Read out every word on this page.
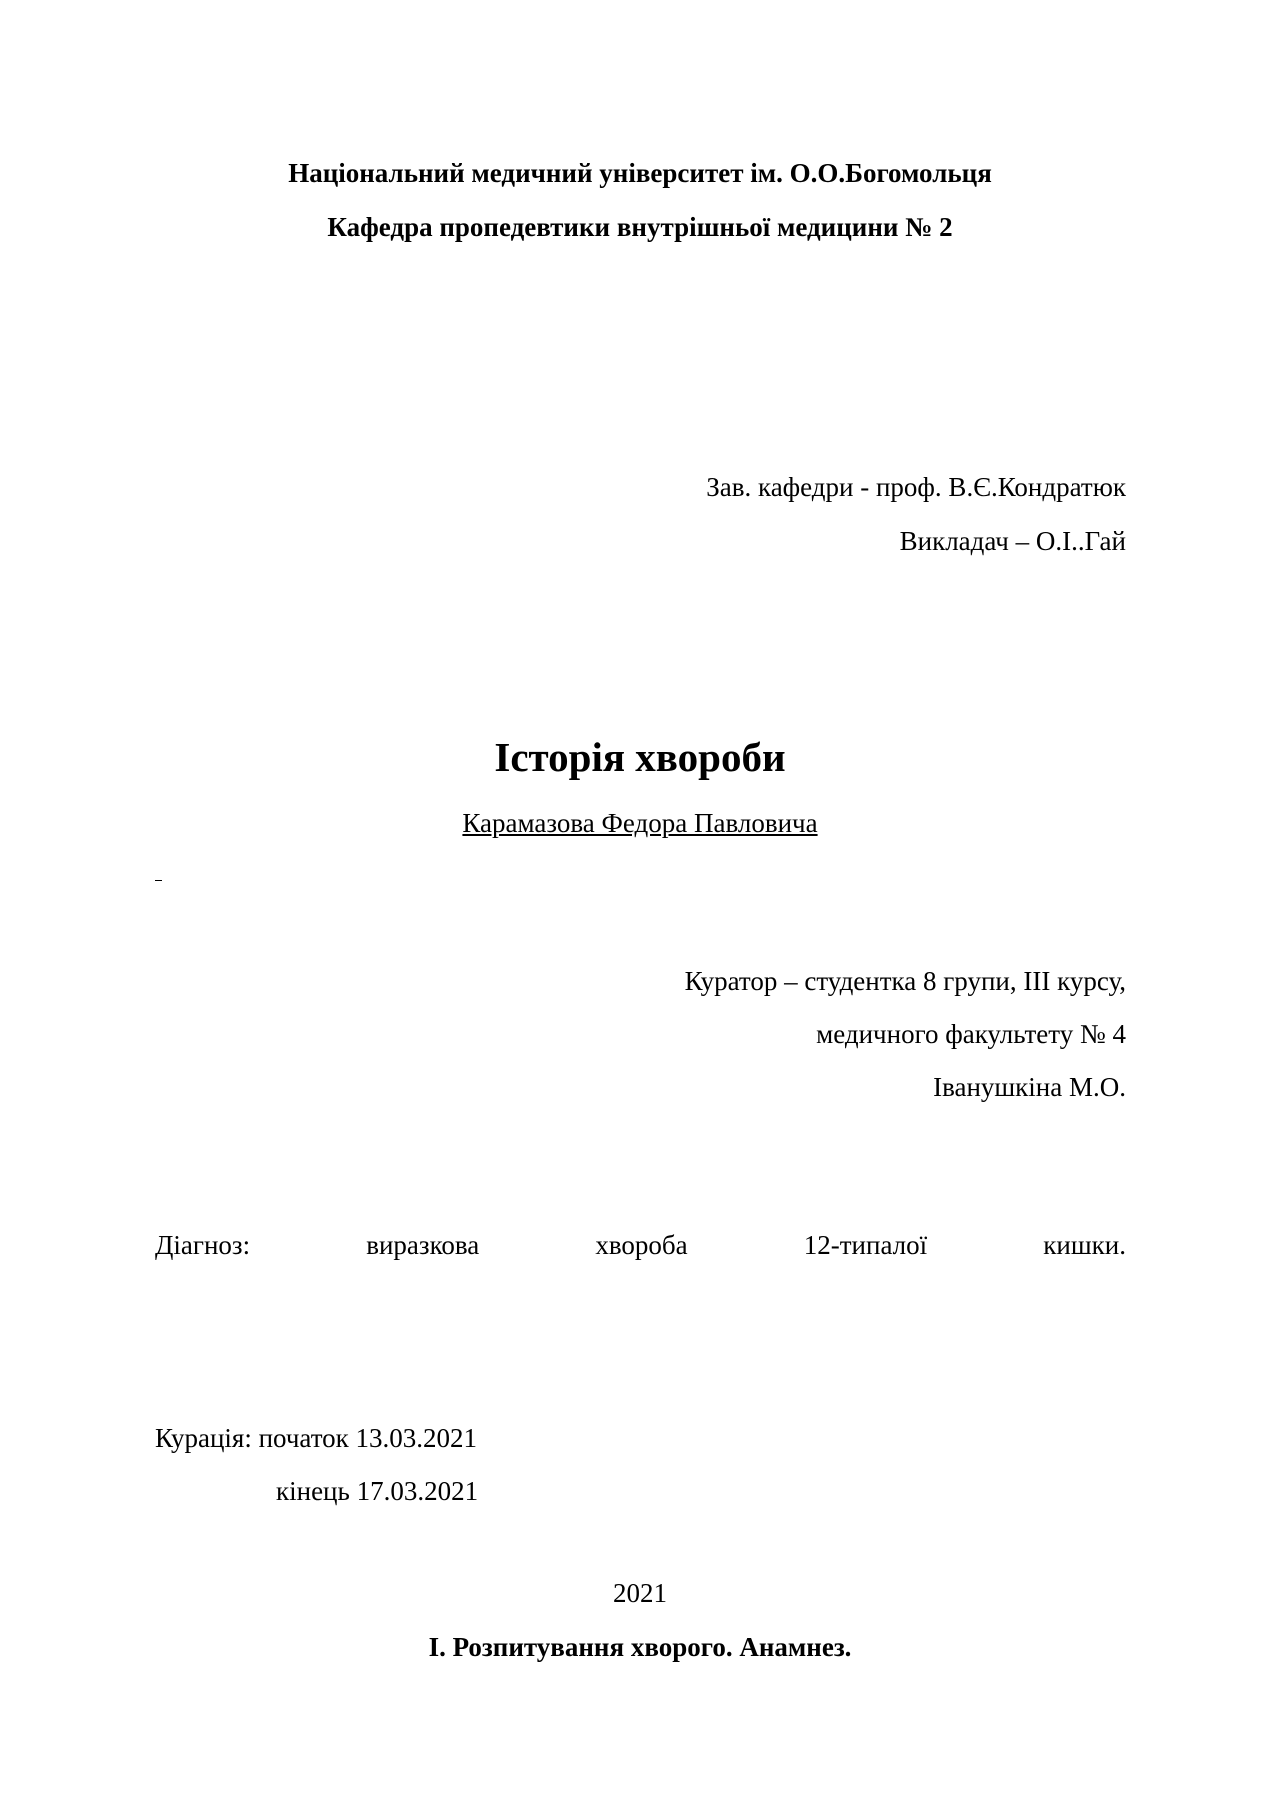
Національний медичний університет ім. О.О.Богомольця
Кафедра пропедевтики внутрішньої медицини № 2
Зав. кафедри - проф. В.Є.Кондратюк
Викладач – О.І..Гай
Історія хвороби
Карамазова Федора Павловича
Куратор – студентка 8 групи, ІІІ курсу,
медичного факультету № 4
Іванушкіна М.О.
Діагноз:	виразкова	хвороба	12-типалої	кишки.
Курація: початок 13.03.2021
кінець 17.03.2021
2021
І. Розпитування хворого. Анамнез.
